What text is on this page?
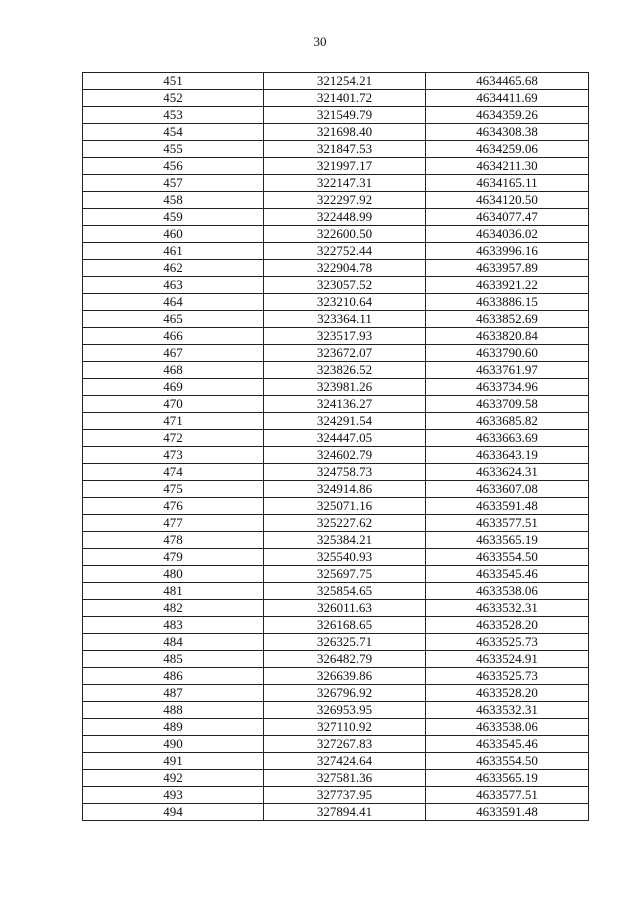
30
451	321254.21	4634465.68
452	321401.72	4634411.69
453	321549.79	4634359.26
454	321698.40	4634308.38
455	321847.53	4634259.06
456	321997.17	4634211.30
457	322147.31	4634165.11
458	322297.92	4634120.50
459	322448.99	4634077.47
460	322600.50	4634036.02
461	322752.44	4633996.16
462	322904.78	4633957.89
463	323057.52	4633921.22
464	323210.64	4633886.15
465	323364.11	4633852.69
466	323517.93	4633820.84
467	323672.07	4633790.60
468	323826.52	4633761.97
469	323981.26	4633734.96
470	324136.27	4633709.58
471	324291.54	4633685.82
472	324447.05	4633663.69
473	324602.79	4633643.19
474	324758.73	4633624.31
475	324914.86	4633607.08
476	325071.16	4633591.48
477	325227.62	4633577.51
478	325384.21	4633565.19
479	325540.93	4633554.50
480	325697.75	4633545.46
481	325854.65	4633538.06
482	326011.63	4633532.31
483	326168.65	4633528.20
484	326325.71	4633525.73
485	326482.79	4633524.91
486	326639.86	4633525.73
487	326796.92	4633528.20
488	326953.95	4633532.31
489	327110.92	4633538.06
490	327267.83	4633545.46
491	327424.64	4633554.50
492	327581.36	4633565.19
493	327737.95	4633577.51
494	327894.41	4633591.48
